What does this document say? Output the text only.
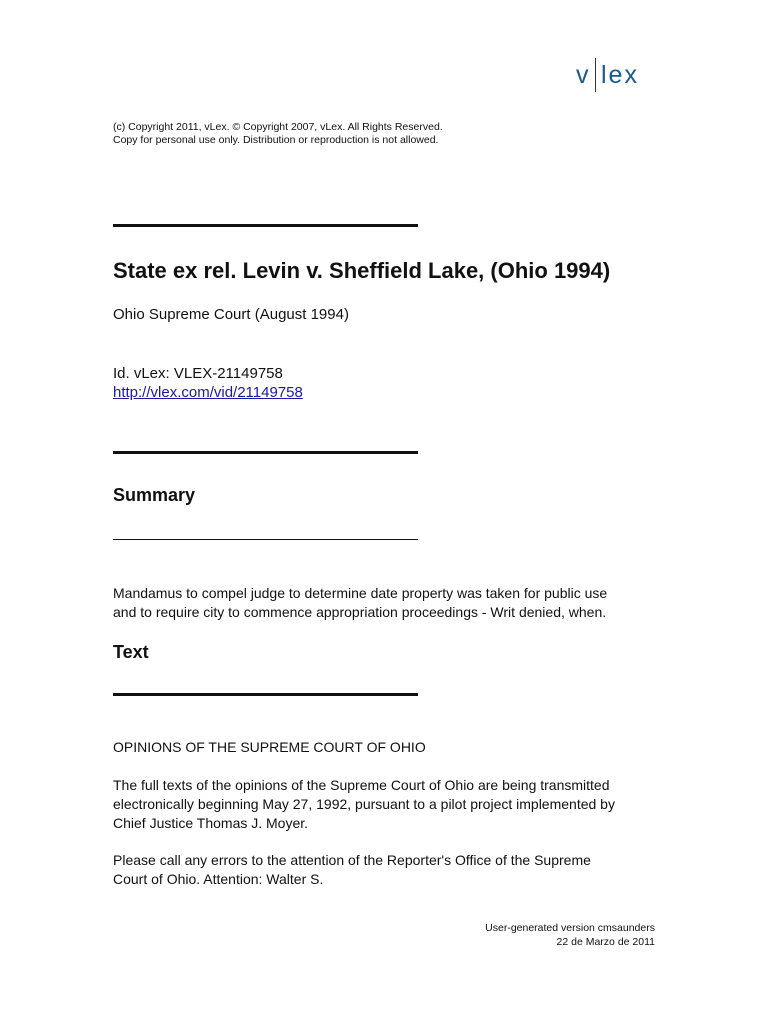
v lex
(c) Copyright 2011, vLex. © Copyright 2007, vLex. All Rights Reserved.
Copy for personal use only. Distribution or reproduction is not allowed.
State ex rel. Levin v. Sheffield Lake, (Ohio 1994)
Ohio Supreme Court (August 1994)
Id. vLex: VLEX-21149758
http://vlex.com/vid/21149758
Summary
Mandamus to compel judge to determine date property was taken for public use
and to require city to commence appropriation proceedings - Writ denied, when.
Text
OPINIONS OF THE SUPREME COURT OF OHIO
The full texts of the opinions of the Supreme Court of Ohio are being transmitted
electronically beginning May 27, 1992, pursuant to a pilot project implemented by
Chief Justice Thomas J. Moyer.
Please call any errors to the attention of the Reporter's Office of the Supreme
Court of Ohio. Attention: Walter S.
User-generated version cmsaunders
22 de Marzo de 2011
